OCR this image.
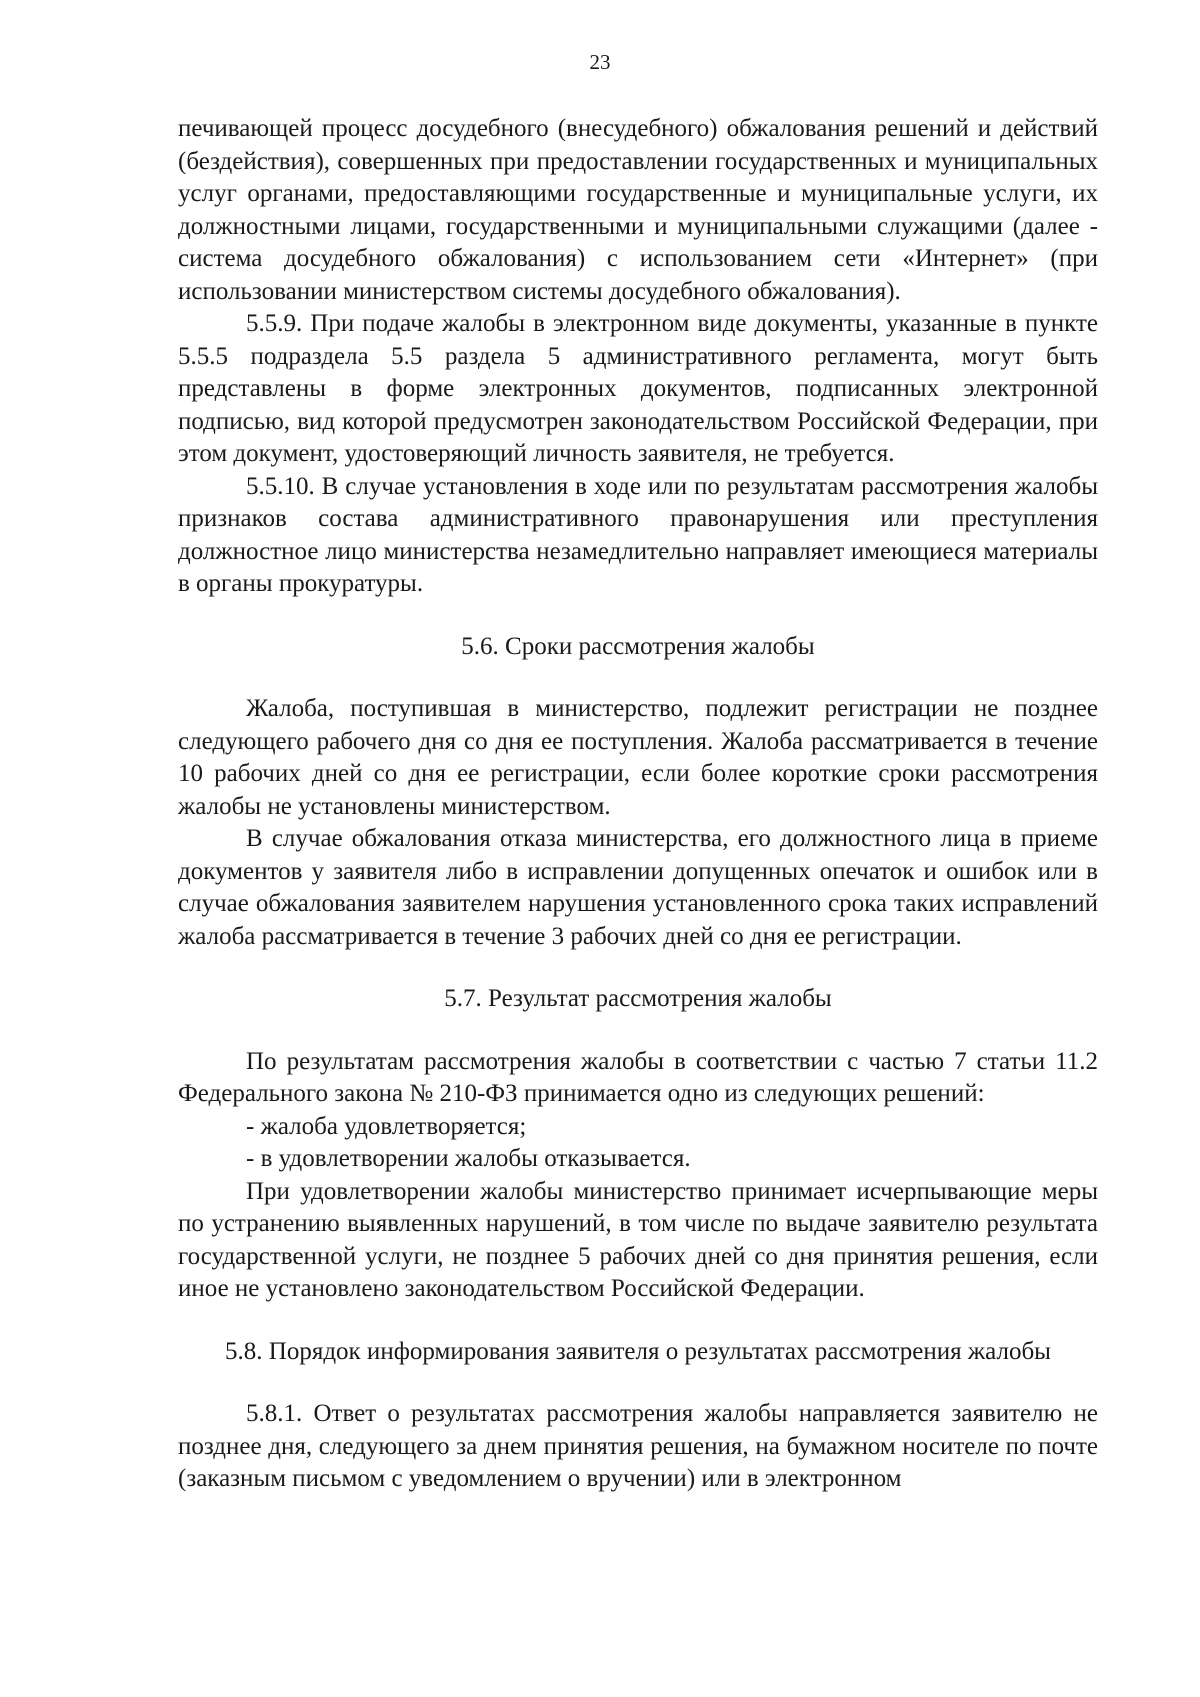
23

печивающей процесс досудебного (внесудебного) обжалования решений и действий (бездействия), совершенных при предоставлении государственных и муниципальных услуг органами, предоставляющими государственные и муниципальные услуги, их должностными лицами, государственными и муниципальными служащими (далее - система досудебного обжалования) с использованием сети «Интернет» (при использовании министерством системы досудебного обжалования).

5.5.9. При подаче жалобы в электронном виде документы, указанные в пункте 5.5.5 подраздела 5.5 раздела 5 административного регламента, могут быть представлены в форме электронных документов, подписанных электронной подписью, вид которой предусмотрен законодательством Российской Федерации, при этом документ, удостоверяющий личность заявителя, не требуется.

5.5.10. В случае установления в ходе или по результатам рассмотрения жалобы признаков состава административного правонарушения или преступления должностное лицо министерства незамедлительно направляет имеющиеся материалы в органы прокуратуры.

5.6. Сроки рассмотрения жалобы

Жалоба, поступившая в министерство, подлежит регистрации не позднее следующего рабочего дня со дня ее поступления. Жалоба рассматривается в течение 10 рабочих дней со дня ее регистрации, если более короткие сроки рассмотрения жалобы не установлены министерством.

В случае обжалования отказа министерства, его должностного лица в приеме документов у заявителя либо в исправлении допущенных опечаток и ошибок или в случае обжалования заявителем нарушения установленного срока таких исправлений жалоба рассматривается в течение 3 рабочих дней со дня ее регистрации.

5.7. Результат рассмотрения жалобы

По результатам рассмотрения жалобы в соответствии с частью 7 статьи 11.2 Федерального закона № 210-ФЗ принимается одно из следующих решений:

- жалоба удовлетворяется;

- в удовлетворении жалобы отказывается.

При удовлетворении жалобы министерство принимает исчерпывающие меры по устранению выявленных нарушений, в том числе по выдаче заявителю результата государственной услуги, не позднее 5 рабочих дней со дня принятия решения, если иное не установлено законодательством Российской Федерации.

5.8. Порядок информирования заявителя о результатах рассмотрения жалобы

5.8.1. Ответ о результатах рассмотрения жалобы направляется заявителю не позднее дня, следующего за днем принятия решения, на бумажном носителе по почте (заказным письмом с уведомлением о вручении) или в электронном
